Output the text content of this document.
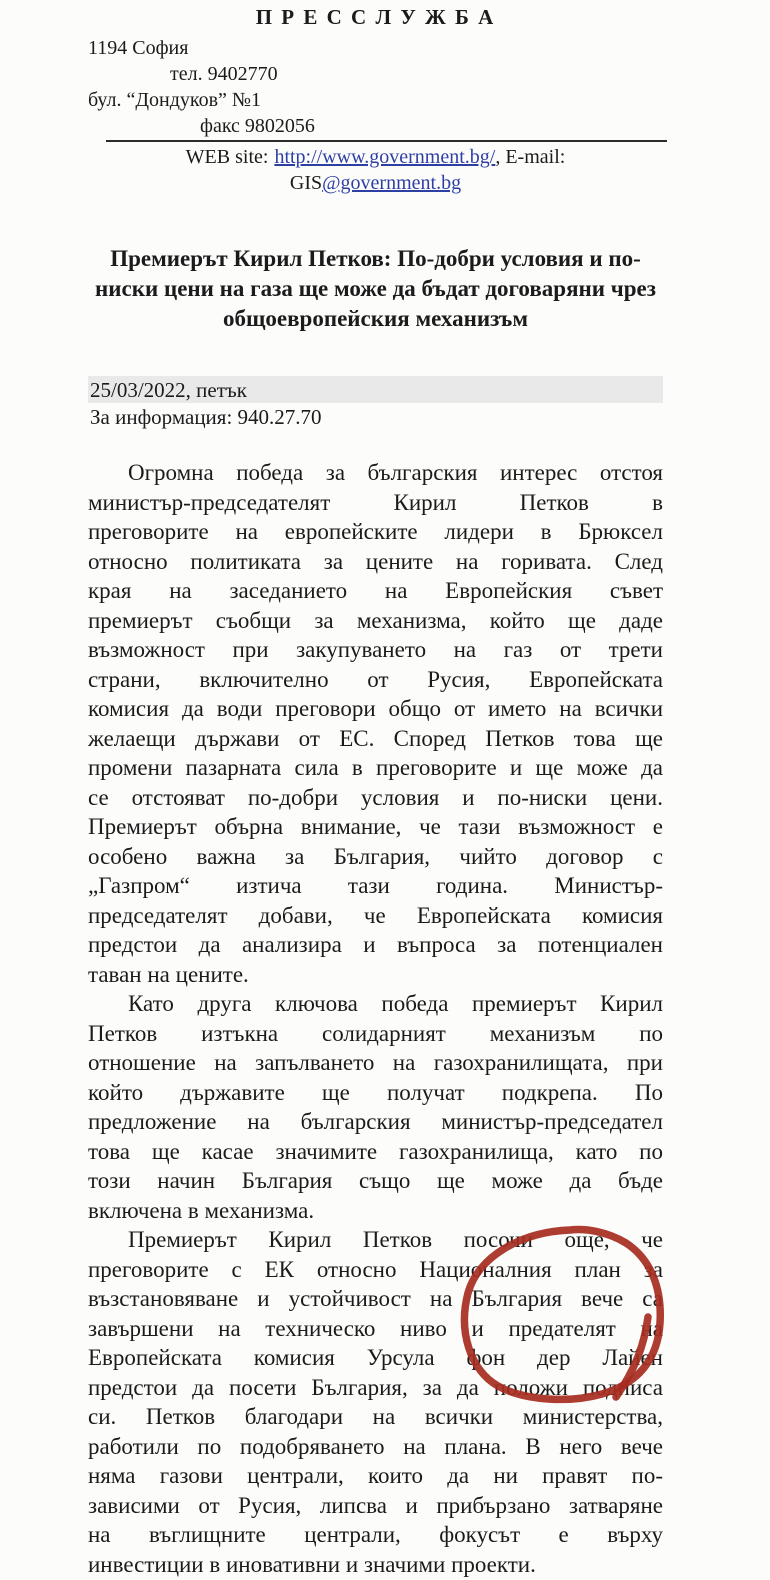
П Р Е С С Л У Ж Б А
1194 София
тел. 9402770
бул. “Дондуков” №1
факс 9802056
WEB site: http://www.government.bg/, E-mail:
GIS@government.bg
Премиерът Кирил Петков: По-добри условия и по-
ниски цени на газа ще може да бъдат договаряни чрез
общоевропейския механизъм
25/03/2022, петък
За информация: 940.27.70
Огромна победа за българския интерес отстоя
министър-председателят Кирил Петков в
преговорите на европейските лидери в Брюксел
относно политиката за цените на горивата. След
края на заседанието на Европейския съвет
премиерът съобщи за механизма, който ще даде
възможност при закупуването на газ от трети
страни, включително от Русия, Европейската
комисия да води преговори общо от името на всички
желаещи държави от ЕС. Според Петков това ще
промени пазарната сила в преговорите и ще може да
се отстояват по-добри условия и по-ниски цени.
Премиерът обърна внимание, че тази възможност е
особено важна за България, чийто договор с
„Газпром“ изтича тази година. Министър-
председателят добави, че Европейската комисия
предстои да анализира и въпроса за потенциален
таван на цените.
Като друга ключова победа премиерът Кирил
Петков изтъкна солидарният механизъм по
отношение на запълването на газохранилищата, при
който държавите ще получат подкрепа. По
предложение на българския министър-председател
това ще касае значимите газохранилища, като по
този начин България също ще може да бъде
включена в механизма.
Премиерът Кирил Петков посочи още, че
преговорите с ЕК относно Националния план за
възстановяване и устойчивост на България вече са
завършени на техническо ниво и предателят на
Европейската комисия Урсула фон дер Лайен
предстои да посети България, за да положи подписа
си. Петков благодари на всички министерства,
работили по подобряването на плана. В него вече
няма газови централи, които да ни правят по-
зависими от Русия, липсва и прибързано затваряне
на въглищните централи, фокусът е върху
инвестиции в иновативни и значими проекти.
